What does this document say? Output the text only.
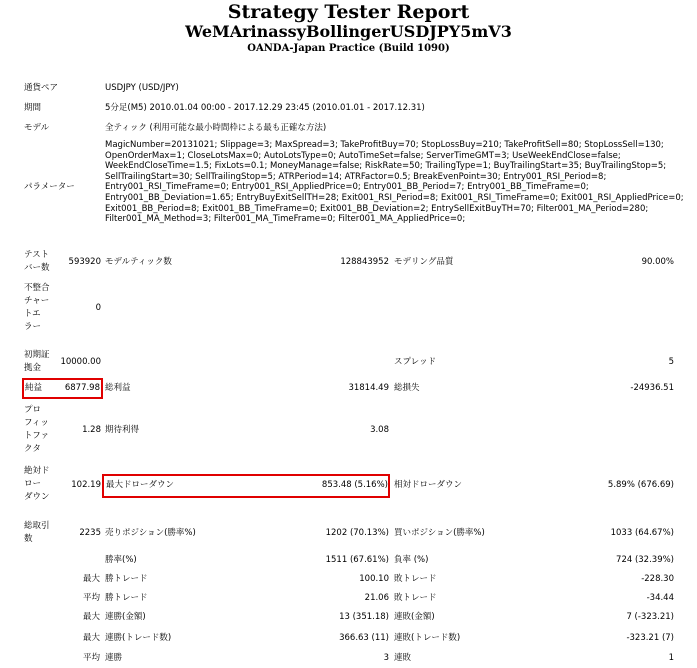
Strategy Tester Report
WeMArinassyBollingerUSDJPY5mV3
OANDA-Japan Practice (Build 1090)
通貨ペア	USDJPY (USD/JPY)
期間	5分足(M5) 2010.01.04 00:00 - 2017.12.29 23:45 (2010.01.01 - 2017.12.31)
モデル	全ティック (利用可能な最小時間枠による最も正確な方法)
パラメーター
MagicNumber=20131021; Slippage=3; MaxSpread=3; TakeProfitBuy=70; StopLossBuy=210; TakeProfitSell=80; StopLossSell=130; OpenOrderMax=1; CloseLotsMax=0; AutoLotsType=0; AutoTimeSet=false; ServerTimeGMT=3; UseWeekEndClose=false; WeekEndCloseTime=1.5; FixLots=0.1; MoneyManage=false; RiskRate=50; TrailingType=1; BuyTrailingStart=35; BuyTrailingStop=5; SellTrailingStart=30; SellTrailingStop=5; ATRPeriod=14; ATRFactor=0.5; BreakEvenPoint=30; Entry001_RSI_Period=8; Entry001_RSI_TimeFrame=0; Entry001_RSI_AppliedPrice=0; Entry001_BB_Period=7; Entry001_BB_TimeFrame=0; Entry001_BB_Deviation=1.65; EntryBuyExitSellTH=28; Exit001_RSI_Period=8; Exit001_RSI_TimeFrame=0; Exit001_RSI_AppliedPrice=0; Exit001_BB_Period=8; Exit001_BB_TimeFrame=0; Exit001_BB_Deviation=2; EntrySellExitBuyTH=70; Filter001_MA_Period=280; Filter001_MA_Method=3; Filter001_MA_TimeFrame=0; Filter001_MA_AppliedPrice=0;
テスト
バー数
593920 モデルティック数	128843952 モデリング品質	90.00%
不整合
チャー
トエ
ラー
0
初期証
拠金
10000.00	スプレッド	5
純益	6877.98 総利益	31814.49 総損失	-24936.51
プロ
フィッ
トファ
クタ
1.28 期待利得	3.08
絶対ド
ロー
ダウン
102.19 最大ドローダウン	853.48 (5.16%) 相対ドローダウン	5.89% (676.69)
総取引
数
2235 売りポジション(勝率%)	1202 (70.13%) 買いポジション(勝率%)	1033 (64.67%)
勝率(%)	1511 (67.61%) 負率 (%)	724 (32.39%)
最大 勝トレード	100.10 敗トレード	-228.30
平均 勝トレード	21.06 敗トレード	-34.44
最大 連勝(金額)	13 (351.18) 連敗(金額)	7 (-323.21)
最大 連勝(トレード数)	366.63 (11) 連敗(トレード数)	-323.21 (7)
平均 連勝	3 連敗	1
